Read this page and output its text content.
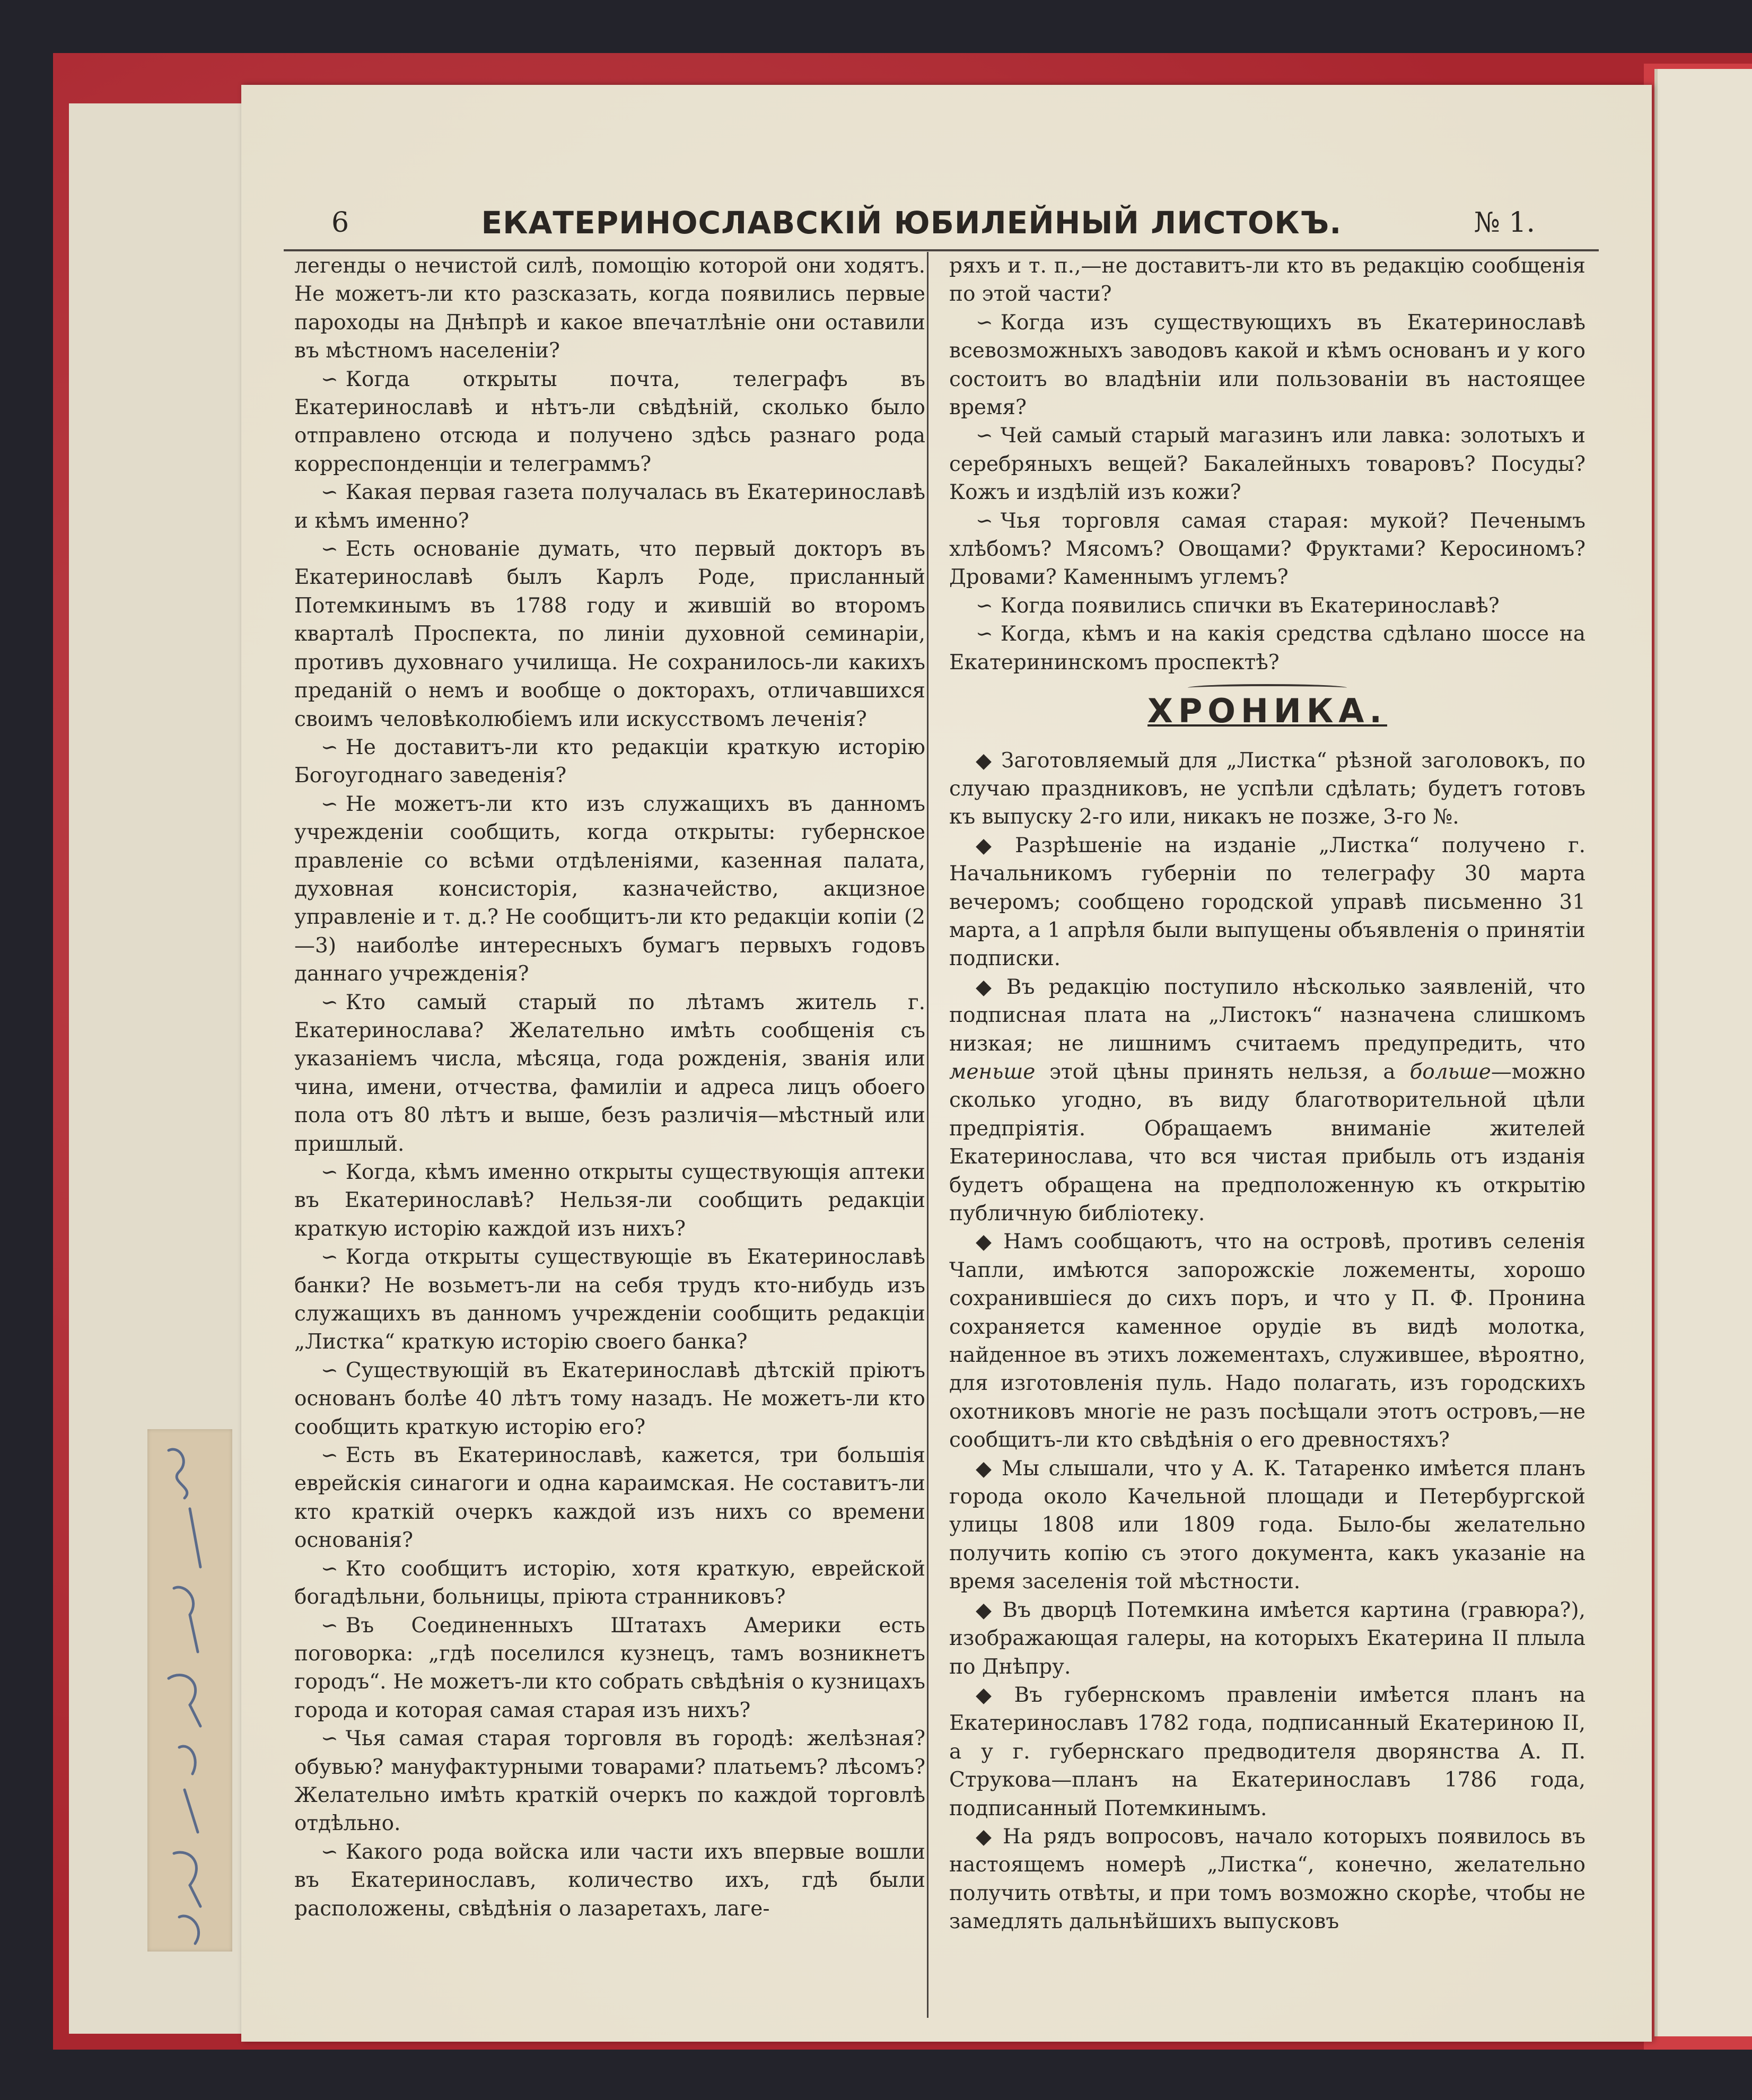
6	ЕКАТЕРИНОСЛАВСКІЙ ЮБИЛЕЙНЫЙ ЛИСТОКЪ.	№ 1.

легенды о нечистой силѣ, помощію которой они ходятъ. Не можетъ-ли кто разсказать, когда появились первые пароходы на Днѣпрѣ и какое впечатлѣніе они оставили въ мѣстномъ населеніи?

∽ Когда открыты почта, телеграфъ въ Екатеринославѣ и нѣтъ-ли свѣдѣній, сколько было отправлено отсюда и получено здѣсь разнаго рода корреспонденціи и телеграммъ?

∽ Какая первая газета получалась въ Екатеринославѣ и кѣмъ именно?

∽ Есть основаніе думать, что первый докторъ въ Екатеринославѣ былъ Карлъ Роде, присланный Потемкинымъ въ 1788 году и жившій во второмъ кварталѣ Проспекта, по линіи духовной семинаріи, противъ духовнаго училища. Не сохранилось-ли какихъ преданій о немъ и вообще о докторахъ, отличавшихся своимъ человѣколюбіемъ или искусствомъ леченія?

∽ Не доставитъ-ли кто редакціи краткую исторію Богоугоднаго заведенія?

∽ Не можетъ-ли кто изъ служащихъ въ данномъ учрежденіи сообщить, когда открыты: губернское правленіе со всѣми отдѣленіями, казенная палата, духовная консисторія, казначейство, акцизное управленіе и т. д.? Не сообщитъ-ли кто редакціи копіи (2—3) наиболѣе интересныхъ бумагъ первыхъ годовъ даннаго учрежденія?

∽ Кто самый старый по лѣтамъ житель г. Екатеринослава? Желательно имѣть сообщенія съ указаніемъ числа, мѣсяца, года рожденія, званія или чина, имени, отчества, фамиліи и адреса лицъ обоего пола отъ 80 лѣтъ и выше, безъ различія—мѣстный или пришлый.

∽ Когда, кѣмъ именно открыты существующія аптеки въ Екатеринославѣ? Нельзя-ли сообщить редакціи краткую исторію каждой изъ нихъ?

∽ Когда открыты существующіе въ Екатеринославѣ банки? Не возьметъ-ли на себя трудъ кто-нибудь изъ служащихъ въ данномъ учрежденіи сообщить редакціи „Листка“ краткую исторію своего банка?

∽ Существующій въ Екатеринославѣ дѣтскій пріютъ основанъ болѣе 40 лѣтъ тому назадъ. Не можетъ-ли кто сообщить краткую исторію его?

∽ Есть въ Екатеринославѣ, кажется, три большія еврейскія синагоги и одна караимская. Не составитъ-ли кто краткій очеркъ каждой изъ нихъ со времени основанія?

∽ Кто сообщитъ исторію, хотя краткую, еврейской богадѣльни, больницы, пріюта странниковъ?

∽ Въ Соединенныхъ Штатахъ Америки есть поговорка: „гдѣ поселился кузнецъ, тамъ возникнетъ городъ“. Не можетъ-ли кто собрать свѣдѣнія о кузницахъ города и которая самая старая изъ нихъ?

∽ Чья самая старая торговля въ городѣ: желѣзная? обувью? мануфактурными товарами? платьемъ? лѣсомъ? Желательно имѣть краткій очеркъ по каждой торговлѣ отдѣльно.

∽ Какого рода войска или части ихъ впервые вошли въ Екатеринославъ, количество ихъ, гдѣ были расположены, свѣдѣнія о лазаретахъ, лаге-

ряхъ и т. п.,—не доставитъ-ли кто въ редакцію сообщенія по этой части?

∽ Когда изъ существующихъ въ Екатеринославѣ всевозможныхъ заводовъ какой и кѣмъ основанъ и у кого состоитъ во владѣніи или пользованіи въ настоящее время?

∽ Чей самый старый магазинъ или лавка: золотыхъ и серебряныхъ вещей? Бакалейныхъ товаровъ? Посуды? Кожъ и издѣлій изъ кожи?

∽ Чья торговля самая старая: мукой? Печенымъ хлѣбомъ? Мясомъ? Овощами? Фруктами? Керосиномъ? Дровами? Каменнымъ углемъ?

∽ Когда появились спички въ Екатеринославѣ?

∽ Когда, кѣмъ и на какія средства сдѣлано шоссе на Екатерининскомъ проспектѣ?

ХРОНИКА.

◆ Заготовляемый для „Листка“ рѣзной заголовокъ, по случаю праздниковъ, не успѣли сдѣлать; будетъ готовъ къ выпуску 2-го или, никакъ не позже, 3-го №.

◆ Разрѣшеніе на изданіе „Листка“ получено г. Начальникомъ губерніи по телеграфу 30 марта вечеромъ; сообщено городской управѣ письменно 31 марта, а 1 апрѣля были выпущены объявленія о принятіи подписки.

◆ Въ редакцію поступило нѣсколько заявленій, что подписная плата на „Листокъ“ назначена слишкомъ низкая; не лишнимъ считаемъ предупредить, что меньше этой цѣны принять нельзя, а больше—можно сколько угодно, въ виду благотворительной цѣли предпріятія. Обращаемъ вниманіе жителей Екатеринослава, что вся чистая прибыль отъ изданія будетъ обращена на предположенную къ открытію публичную библіотеку.

◆ Намъ сообщаютъ, что на островѣ, противъ селенія Чапли, имѣются запорожскіе ложементы, хорошо сохранившіеся до сихъ поръ, и что у П. Ф. Пронина сохраняется каменное орудіе въ видѣ молотка, найденное въ этихъ ложементахъ, служившее, вѣроятно, для изготовленія пуль. Надо полагать, изъ городскихъ охотниковъ многіе не разъ посѣщали этотъ островъ,—не сообщитъ-ли кто свѣдѣнія о его древностяхъ?

◆ Мы слышали, что у А. К. Татаренко имѣется планъ города около Качельной площади и Петербургской улицы 1808 или 1809 года. Было-бы желательно получить копію съ этого документа, какъ указаніе на время заселенія той мѣстности.

◆ Въ дворцѣ Потемкина имѣется картина (гравюра?), изображающая галеры, на которыхъ Екатерина II плыла по Днѣпру.

◆ Въ губернскомъ правленіи имѣется планъ на Екатеринославъ 1782 года, подписанный Екатериною II, а у г. губернскаго предводителя дворянства А. П. Струкова—планъ на Екатеринославъ 1786 года, подписанный Потемкинымъ.

◆ На рядъ вопросовъ, начало которыхъ появилось въ настоящемъ номерѣ „Листка“, конечно, желательно получить отвѣты, и при томъ возможно скорѣе, чтобы не замедлять дальнѣйшихъ выпусковъ
